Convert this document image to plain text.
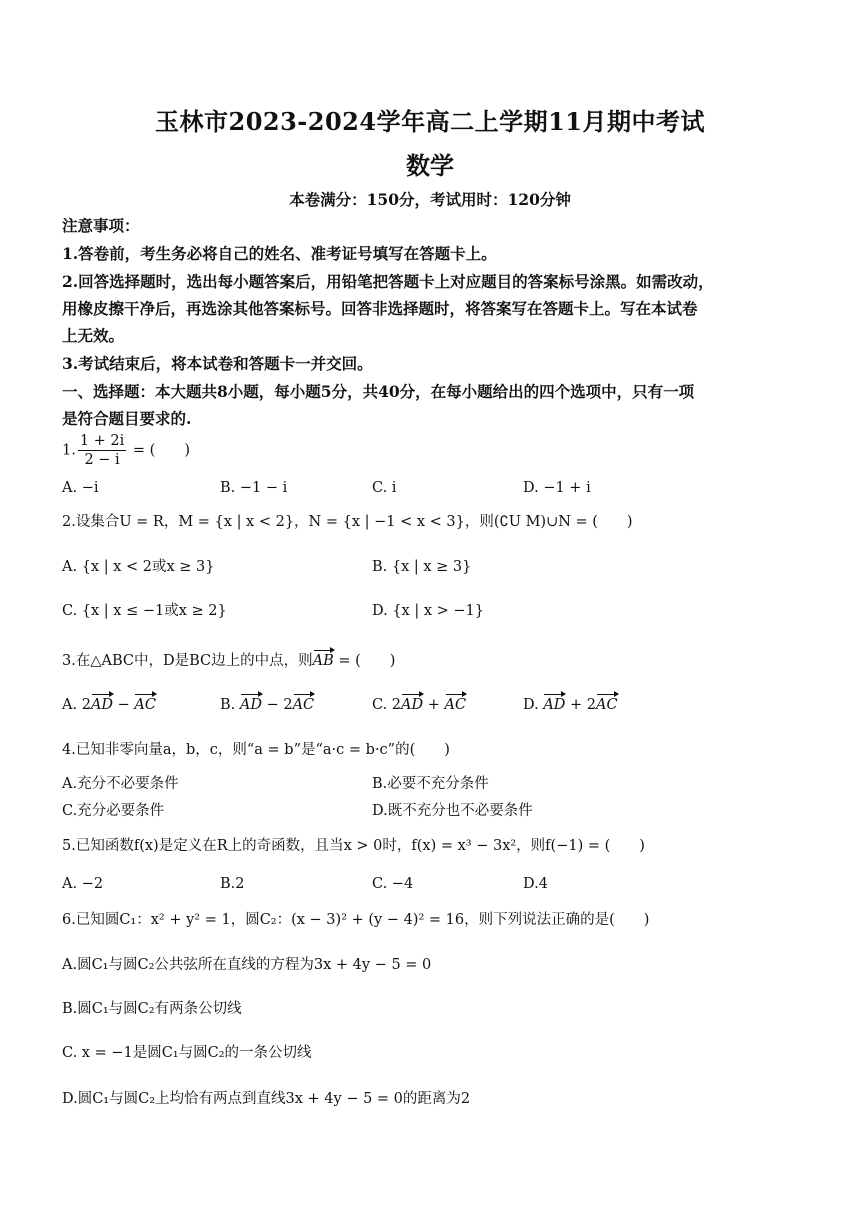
玉林市2023-2024学年高二上学期11月期中考试
数学
本卷满分：150分，考试用时：120分钟
注意事项：
1.答卷前，考生务必将自己的姓名、准考证号填写在答题卡上。
2.回答选择题时，选出每小题答案后，用铅笔把答题卡上对应题目的答案标号涂黑。如需改动，
用橡皮擦干净后，再选涂其他答案标号。回答非选择题时，将答案写在答题卡上。写在本试卷
上无效。
3.考试结束后，将本试卷和答题卡一并交回。
一、选择题：本大题共8小题，每小题5分，共40分，在每小题给出的四个选项中，只有一项
是符合题目要求的.
1. $\frac{1 + 2i}{2 - i}$ = (　　)
A. −i	B. −1 − i	C. i	D. −1 + i
2.设集合U = R，M = {x | x < 2}，N = {x | −1 < x < 3}，则(∁U M)∪N = (　　)
A. {x | x < 2或x ≥ 3}	B. {x | x ≥ 3}
C. {x | x ≤ −1或x ≥ 2}	D. {x | x > −1}
3.在△ABC中，D是BC边上的中点，则AB = (　　)
A. 2AD − AC	B. AD − 2AC	C. 2AD + AC	D. AD + 2AC
4.已知非零向量a，b，c，则“a = b”是“a·c = b·c”的(　　)
A.充分不必要条件	B.必要不充分条件
C.充分必要条件	D.既不充分也不必要条件
5.已知函数f(x)是定义在R上的奇函数，且当x > 0时，f(x) = x³ − 3x²，则f(−1) = (　　)
A. −2	B.2	C. −4	D.4
6.已知圆C₁：x² + y² = 1，圆C₂：(x − 3)² + (y − 4)² = 16，则下列说法正确的是(　　)
A.圆C₁与圆C₂公共弦所在直线的方程为3x + 4y − 5 = 0
B.圆C₁与圆C₂有两条公切线
C. x = −1是圆C₁与圆C₂的一条公切线
D.圆C₁与圆C₂上均恰有两点到直线3x + 4y − 5 = 0的距离为2
